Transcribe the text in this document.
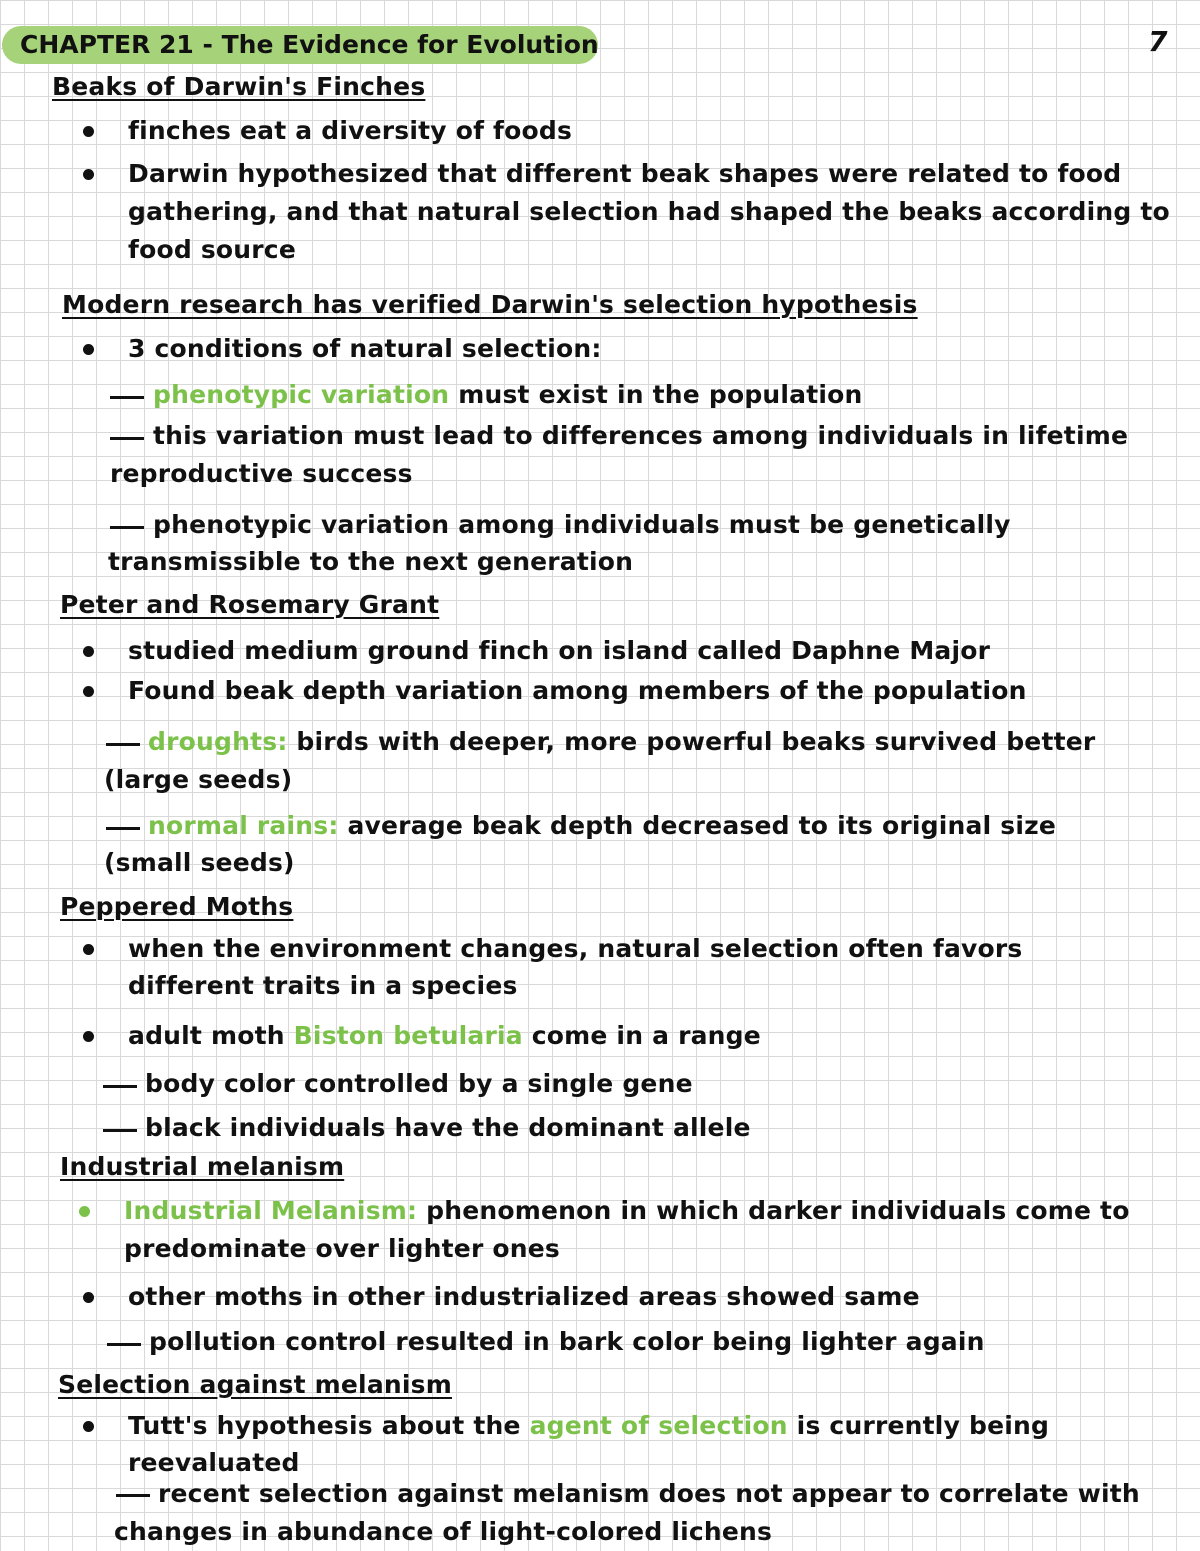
CHAPTER 21 - The Evidence for Evolution	7
Beaks of Darwin's Finches
finches eat a diversity of foods
Darwin hypothesized that different beak shapes were related to food
gathering, and that natural selection had shaped the beaks according to
food source
Modern research has verified Darwin's selection hypothesis
3 conditions of natural selection:
phenotypic variation must exist in the population
this variation must lead to differences among individuals in lifetime
reproductive success
phenotypic variation among individuals must be genetically
transmissible to the next generation
Peter and Rosemary Grant
studied medium ground finch on island called Daphne Major
Found beak depth variation among members of the population
droughts: birds with deeper, more powerful beaks survived better
(large seeds)
normal rains: average beak depth decreased to its original size
(small seeds)
Peppered Moths
when the environment changes, natural selection often favors
different traits in a species
adult moth Biston betularia come in a range
body color controlled by a single gene
black individuals have the dominant allele
Industrial melanism
Industrial Melanism: phenomenon in which darker individuals come to
predominate over lighter ones
other moths in other industrialized areas showed same
pollution control resulted in bark color being lighter again
Selection against melanism
Tutt's hypothesis about the agent of selection is currently being
reevaluated
recent selection against melanism does not appear to correlate with
changes in abundance of light-colored lichens
